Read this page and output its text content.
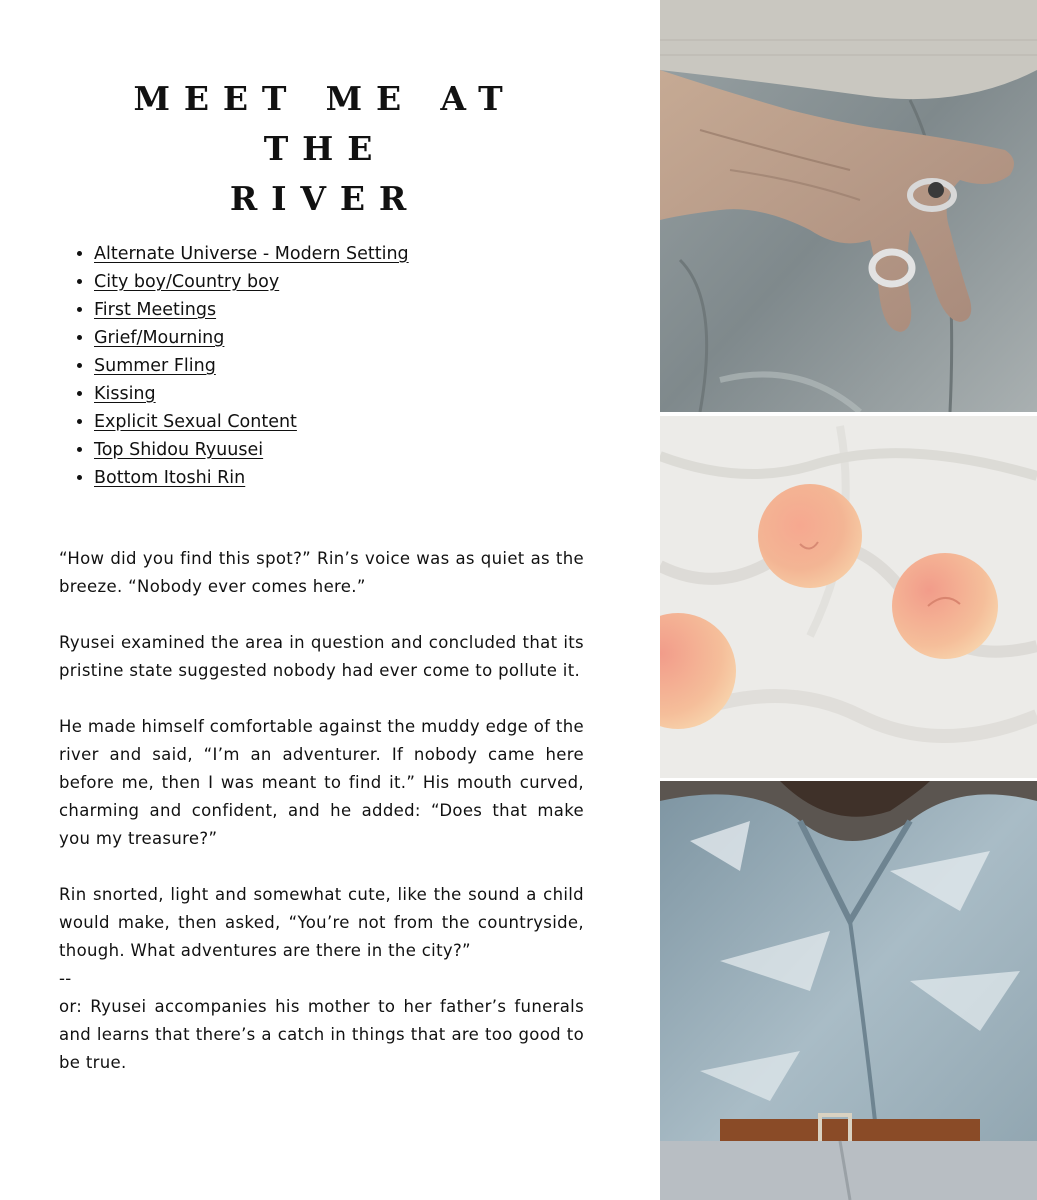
MEET ME AT THE
RIVER
• Alternate Universe - Modern Setting
• City boy/Country boy
• First Meetings
• Grief/Mourning
• Summer Fling
• Kissing
• Explicit Sexual Content
• Top Shidou Ryuusei
• Bottom Itoshi Rin

“How did you find this spot?” Rin’s voice was as quiet as the breeze. “Nobody ever comes here.”

Ryusei examined the area in question and concluded that its pristine state suggested nobody had ever come to pollute it.

He made himself comfortable against the muddy edge of the river and said, “I’m an adventurer. If nobody came here before me, then I was meant to find it.” His mouth curved, charming and confident, and he added: “Does that make you my treasure?”

Rin snorted, light and somewhat cute, like the sound a child would make, then asked, “You’re not from the countryside, though. What adventures are there in the city?”

--

or: Ryusei accompanies his mother to her father’s funerals and learns that there’s a catch in things that are too good to be true.
